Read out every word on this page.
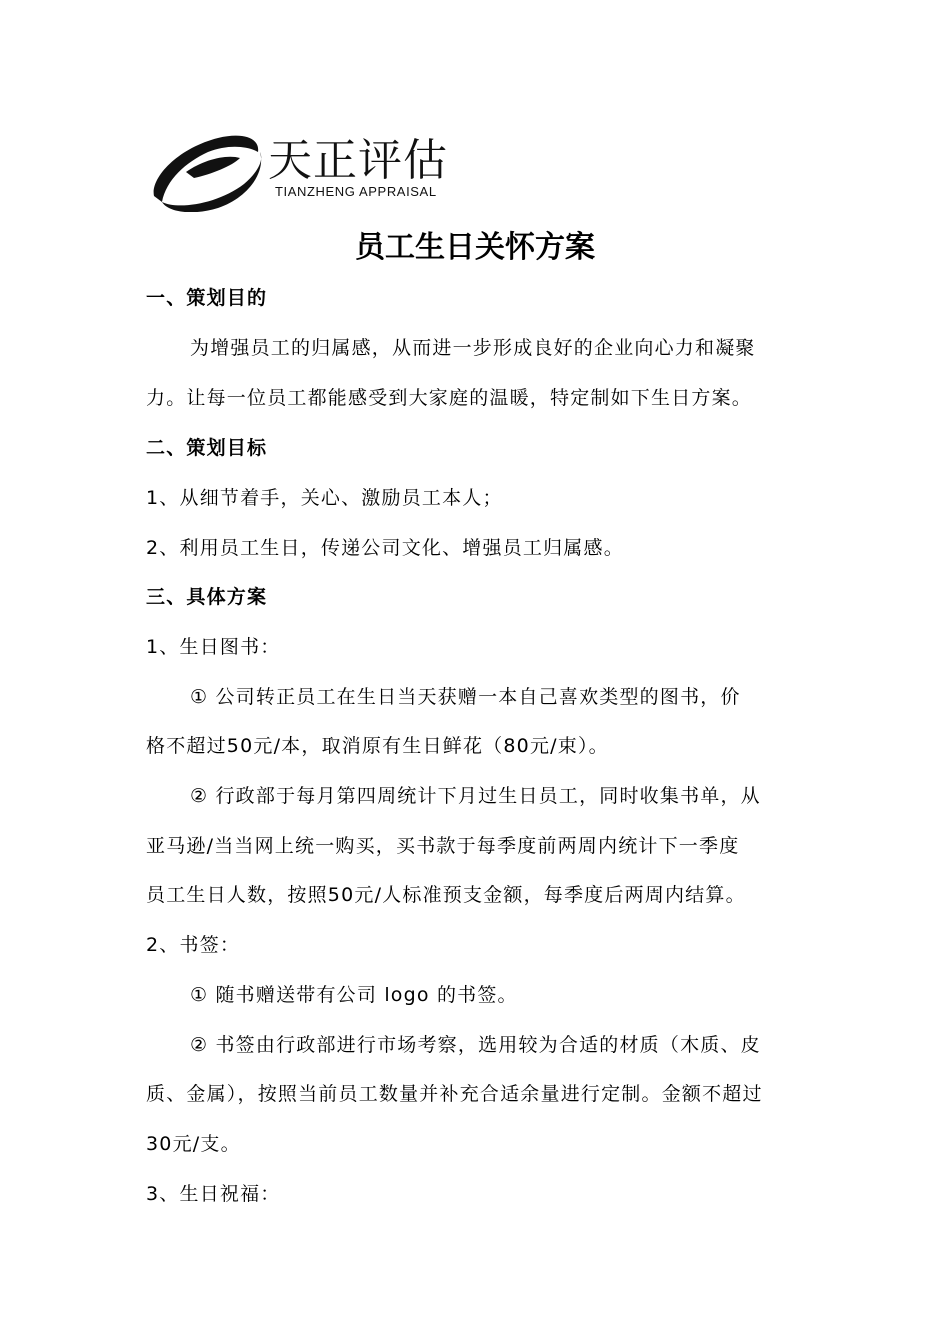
天正评估
TIANZHENG APPRAISAL
员工生日关怀方案
一、策划目的
为增强员工的归属感，从而进一步形成良好的企业向心力和凝聚
力。让每一位员工都能感受到大家庭的温暖，特定制如下生日方案。
二、策划目标
1、从细节着手，关心、激励员工本人；
2、利用员工生日，传递公司文化、增强员工归属感。
三、具体方案
1、生日图书：
① 公司转正员工在生日当天获赠一本自己喜欢类型的图书，价
格不超过50元/本，取消原有生日鲜花（80元/束）。
② 行政部于每月第四周统计下月过生日员工，同时收集书单，从
亚马逊/当当网上统一购买，买书款于每季度前两周内统计下一季度
员工生日人数，按照50元/人标准预支金额，每季度后两周内结算。
2、书签：
① 随书赠送带有公司 logo 的书签。
② 书签由行政部进行市场考察，选用较为合适的材质（木质、皮
质、金属），按照当前员工数量并补充合适余量进行定制。金额不超过
30元/支。
3、生日祝福：
